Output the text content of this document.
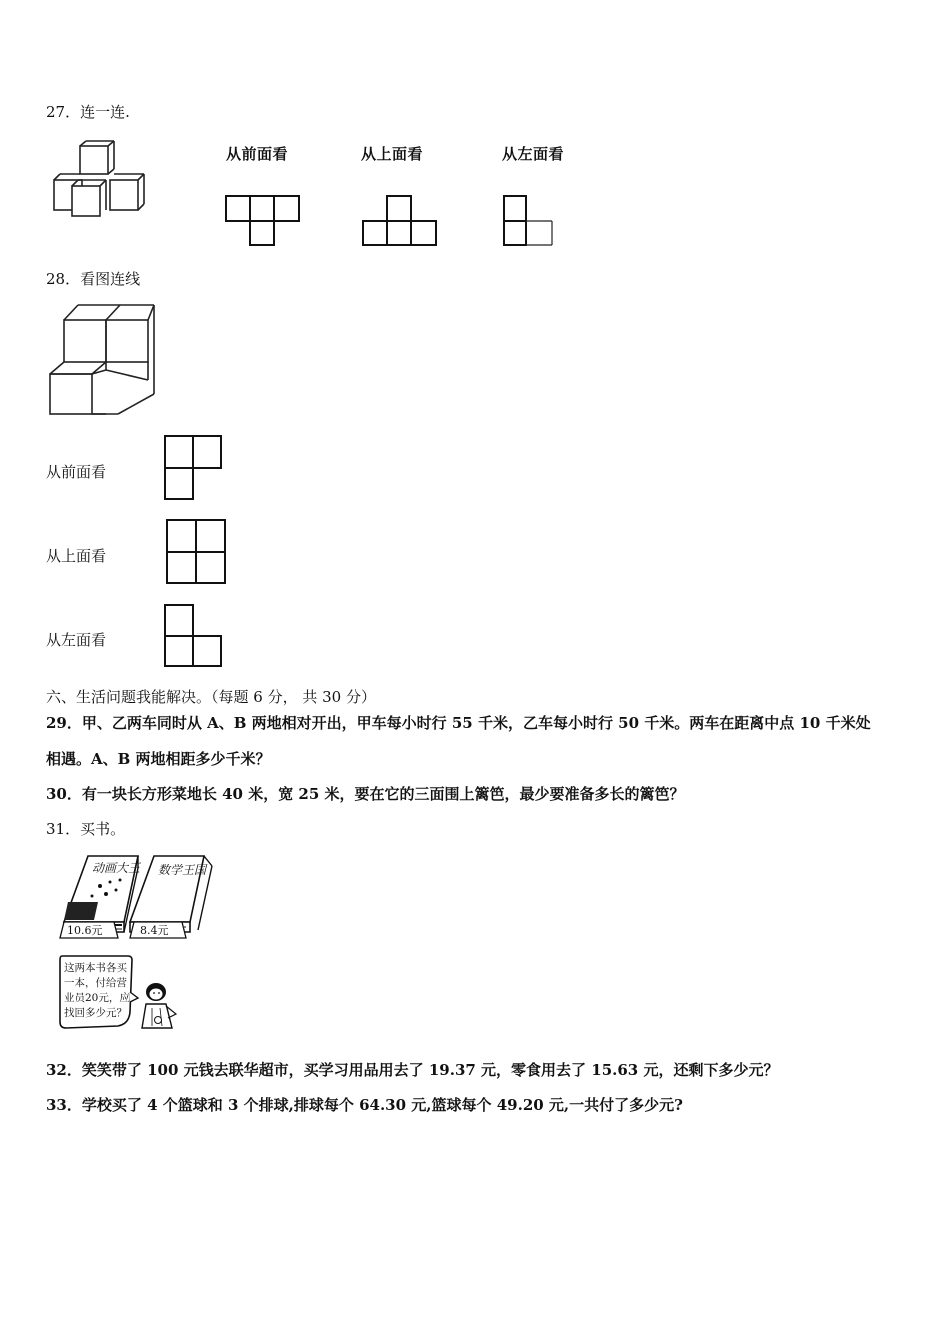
27．连一连.
从前面看	从上面看	从左面看
28．看图连线
从前面看
从上面看
从左面看
六、生活问题我能解决。（每题 6 分， 共 30 分）
29．甲、乙两车同时从 A、B 两地相对开出，甲车每小时行 55 千米，乙车每小时行 50 千米。两车在距离中点 10 千米处
相遇。A、B 两地相距多少千米？
30．有一块长方形菜地长 40 米，宽 25 米，要在它的三面围上篱笆，最少要准备多长的篱笆？
31．买书。
动画大王 数学王国
10.6元	8.4元
这两本书各买
一本，付给营
业员20元，应
找回多少元？
32．笑笑带了 100 元钱去联华超市，买学习用品用去了 19.37 元，零食用去了 15.63 元，还剩下多少元？
33．学校买了 4 个篮球和 3 个排球,排球每个 64.30 元,篮球每个 49.20 元,一共付了多少元?
